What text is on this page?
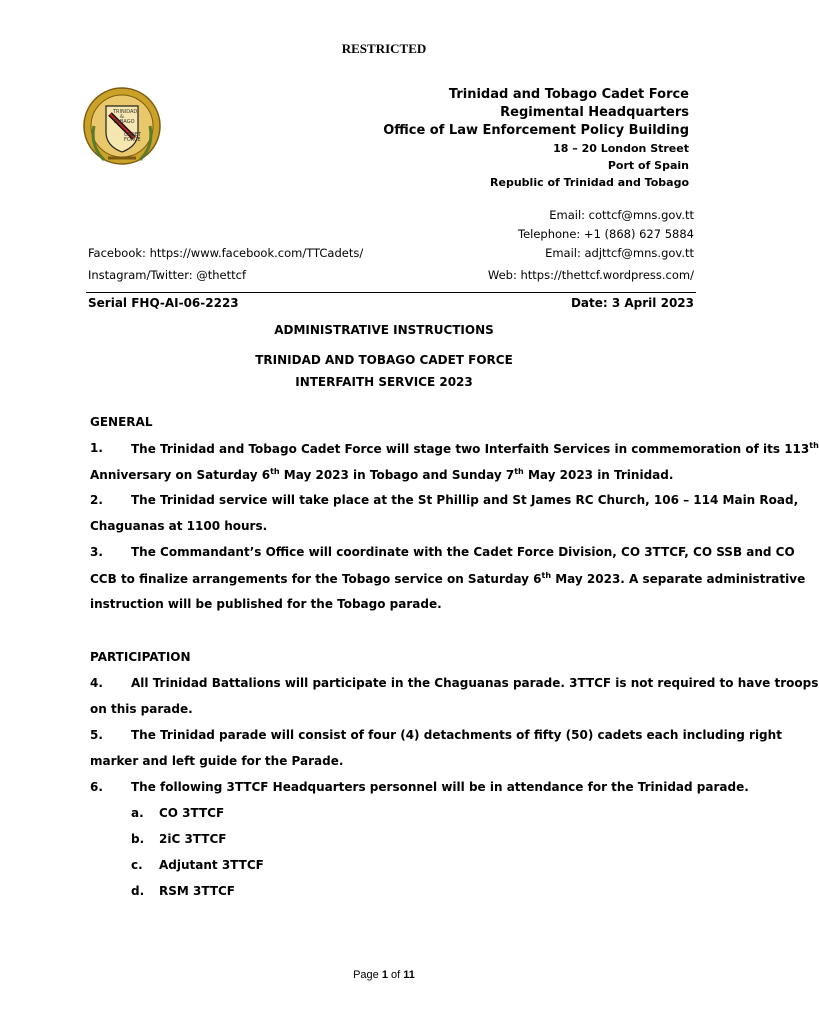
RESTRICTED
TRINIDAD
&
TOBAGO
CADET
FORCE
Trinidad and Tobago Cadet Force
Regimental Headquarters
Office of Law Enforcement Policy Building
18 – 20 London Street
Port of Spain
Republic of Trinidad and Tobago
Email: cottcf@mns.gov.tt
Telephone: +1 (868) 627 5884
Email: adjttcf@mns.gov.tt
Web: https://thettcf.wordpress.com/
Facebook: https://www.facebook.com/TTCadets/
Instagram/Twitter: @thettcf
Serial FHQ-AI-06-2223	Date: 3 April 2023
ADMINISTRATIVE INSTRUCTIONS
TRINIDAD AND TOBAGO CADET FORCE
INTERFAITH SERVICE 2023
GENERAL
1. The Trinidad and Tobago Cadet Force will stage two Interfaith Services in commemoration of its 113th
Anniversary on Saturday 6th May 2023 in Tobago and Sunday 7th May 2023 in Trinidad.
2. The Trinidad service will take place at the St Phillip and St James RC Church, 106 – 114 Main Road,
Chaguanas at 1100 hours.
3. The Commandant’s Office will coordinate with the Cadet Force Division, CO 3TTCF, CO SSB and CO
CCB to finalize arrangements for the Tobago service on Saturday 6th May 2023. A separate administrative
instruction will be published for the Tobago parade.
PARTICIPATION
4. All Trinidad Battalions will participate in the Chaguanas parade. 3TTCF is not required to have troops
on this parade.
5. The Trinidad parade will consist of four (4) detachments of fifty (50) cadets each including right
marker and left guide for the Parade.
6. The following 3TTCF Headquarters personnel will be in attendance for the Trinidad parade.
a. CO 3TTCF
b. 2iC 3TTCF
c. Adjutant 3TTCF
d. RSM 3TTCF
Page 1 of 11
